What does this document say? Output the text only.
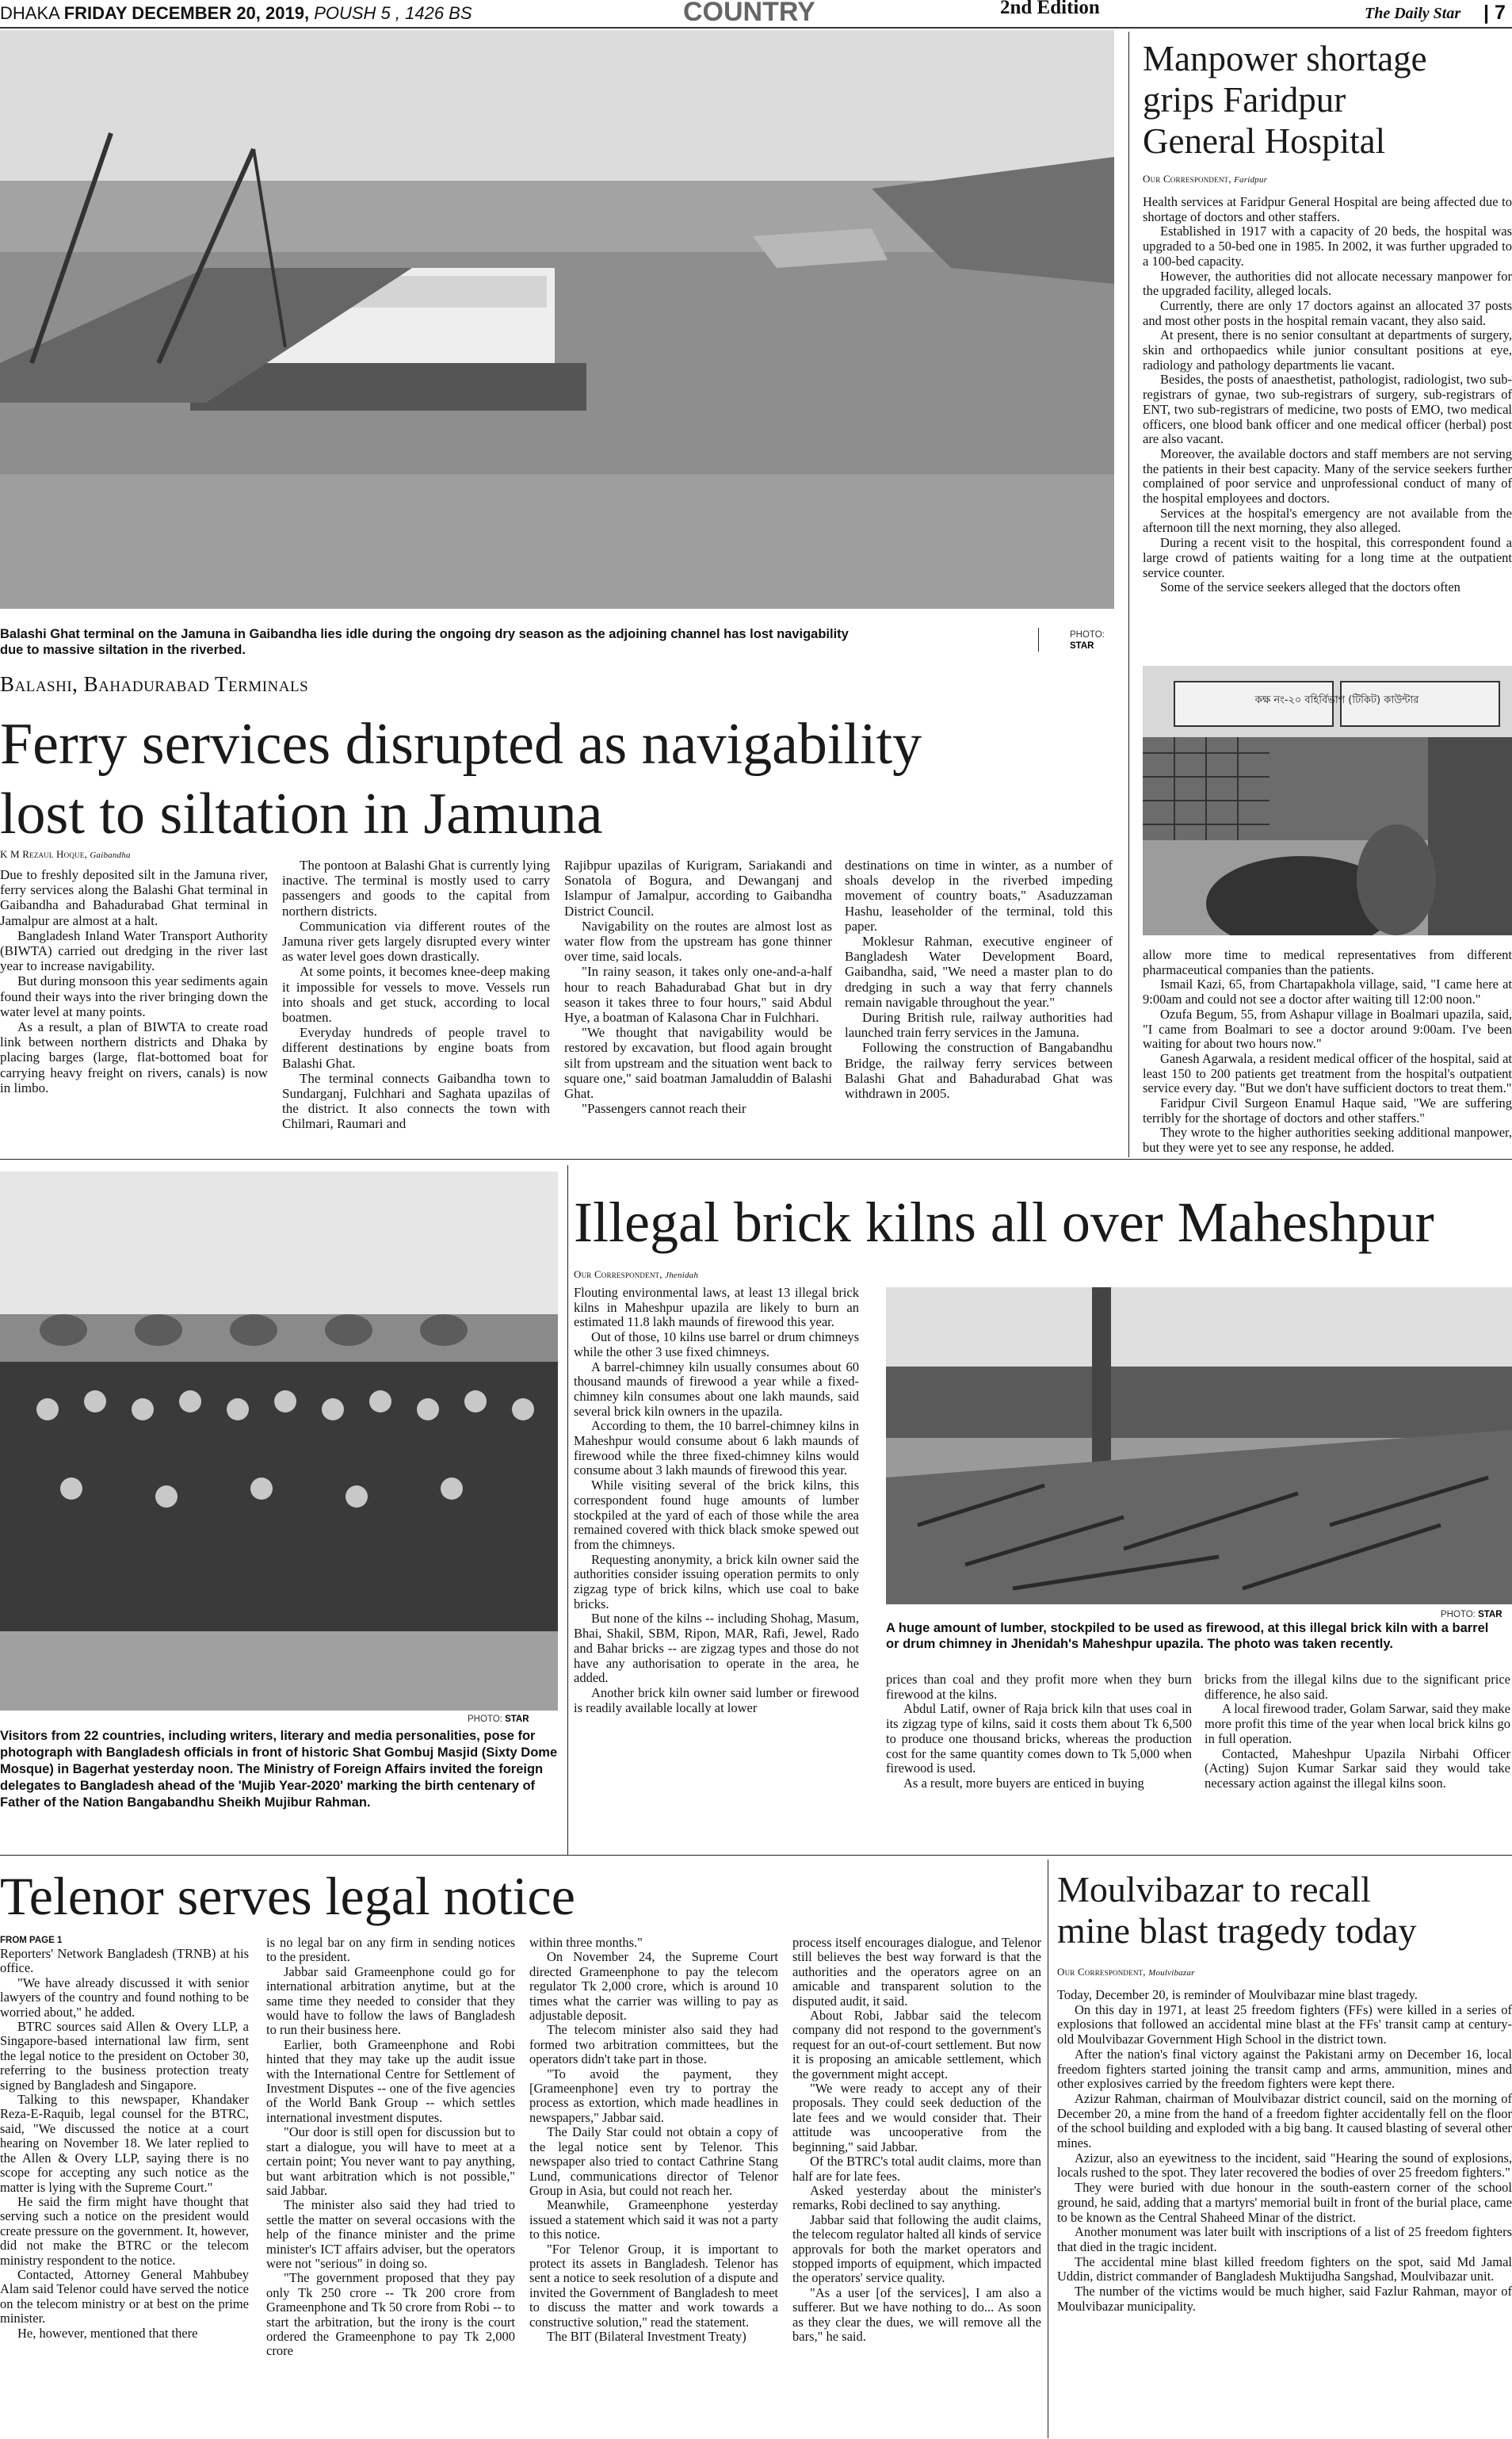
DHAKA FRIDAY DECEMBER 20, 2019, POUSH 5 , 1426 BS	COUNTRY	2nd Edition	The Daily Star | 7
Balashi Ghat terminal on the Jamuna in Gaibandha lies idle during the ongoing dry season as the adjoining channel has lost navigability due to massive siltation in the riverbed.
PHOTO:
STAR
Balashi, Bahadurabad Terminals
Ferry services disrupted as navigability
lost to siltation in Jamuna
K M Rezaul Hoque, Gaibandha

Due to freshly deposited silt in the Jamuna river, ferry services along the Balashi Ghat terminal in Gaibandha and Bahadurabad Ghat terminal in Jamalpur are almost at a halt.

Bangladesh Inland Water Transport Authority (BIWTA) carried out dredging in the river last year to increase navigability.

But during monsoon this year sediments again found their ways into the river bringing down the water level at many points.

As a result, a plan of BIWTA to create road link between northern districts and Dhaka by placing barges (large, flat-bottomed boat for carrying heavy freight on rivers, canals) is now in limbo.

The pontoon at Balashi Ghat is currently lying inactive. The terminal is mostly used to carry passengers and goods to the capital from northern districts.

Communication via different routes of the Jamuna river gets largely disrupted every winter as water level goes down drastically.

At some points, it becomes knee-deep making it impossible for vessels to move. Vessels run into shoals and get stuck, according to local boatmen.

Everyday hundreds of people travel to different destinations by engine boats from Balashi Ghat.

The terminal connects Gaibandha town to Sundarganj, Fulchhari and Saghata upazilas of the district. It also connects the town with Chilmari, Raumari and

Rajibpur upazilas of Kurigram, Sariakandi and Sonatola of Bogura, and Dewanganj and Islampur of Jamalpur, according to Gaibandha District Council.

Navigability on the routes are almost lost as water flow from the upstream has gone thinner over time, said locals.

"In rainy season, it takes only one-and-a-half hour to reach Bahadurabad Ghat but in dry season it takes three to four hours," said Abdul Hye, a boatman of Kalasona Char in Fulchhari.

"We thought that navigability would be restored by excavation, but flood again brought silt from upstream and the situation went back to square one," said boatman Jamaluddin of Balashi Ghat.

"Passengers cannot reach their

destinations on time in winter, as a number of shoals develop in the riverbed impeding movement of country boats," Asaduzzaman Hashu, leaseholder of the terminal, told this paper.

Moklesur Rahman, executive engineer of Bangladesh Water Development Board, Gaibandha, said, "We need a master plan to do dredging in such a way that ferry channels remain navigable throughout the year."

During British rule, railway authorities had launched train ferry services in the Jamuna.

Following the construction of Bangabandhu Bridge, the railway ferry services between Balashi Ghat and Bahadurabad Ghat was withdrawn in 2005.

Manpower shortage
grips Faridpur
General Hospital
Our Correspondent, Faridpur

Health services at Faridpur General Hospital are being affected due to shortage of doctors and other staffers.

Established in 1917 with a capacity of 20 beds, the hospital was upgraded to a 50-bed one in 1985. In 2002, it was further upgraded to a 100-bed capacity.

However, the authorities did not allocate necessary manpower for the upgraded facility, alleged locals.

Currently, there are only 17 doctors against an allocated 37 posts and most other posts in the hospital remain vacant, they also said.

At present, there is no senior consultant at departments of surgery, skin and orthopaedics while junior consultant positions at eye, radiology and pathology departments lie vacant.

Besides, the posts of anaesthetist, pathologist, radiologist, two sub-registrars of gynae, two sub-registrars of surgery, sub-registrars of ENT, two sub-registrars of medicine, two posts of EMO, two medical officers, one blood bank officer and one medical officer (herbal) post are also vacant.

Moreover, the available doctors and staff members are not serving the patients in their best capacity. Many of the service seekers further complained of poor service and unprofessional conduct of many of the hospital employees and doctors.

Services at the hospital's emergency are not available from the afternoon till the next morning, they also alleged.

During a recent visit to the hospital, this correspondent found a large crowd of patients waiting for a long time at the outpatient service counter.

Some of the service seekers alleged that the doctors often

কক্ষ নং-২০ বহির্বিভাগ (টিকিট) কাউন্টার

allow more time to medical representatives from different pharmaceutical companies than the patients.

Ismail Kazi, 65, from Chartapakhola village, said, "I came here at 9:00am and could not see a doctor after waiting till 12:00 noon."

Ozufa Begum, 55, from Ashapur village in Boalmari upazila, said, "I came from Boalmari to see a doctor around 9:00am. I've been waiting for about two hours now."

Ganesh Agarwala, a resident medical officer of the hospital, said at least 150 to 200 patients get treatment from the hospital's outpatient service every day. "But we don't have sufficient doctors to treat them."

Faridpur Civil Surgeon Enamul Haque said, "We are suffering terribly for the shortage of doctors and other staffers."

They wrote to the higher authorities seeking additional manpower, but they were yet to see any response, he added.

PHOTO: STAR
Visitors from 22 countries, including writers, literary and media personalities, pose for photograph with Bangladesh officials in front of historic Shat Gombuj Masjid (Sixty Dome Mosque) in Bagerhat yesterday noon. The Ministry of Foreign Affairs invited the foreign delegates to Bangladesh ahead of the 'Mujib Year-2020' marking the birth centenary of Father of the Nation Bangabandhu Sheikh Mujibur Rahman.
Illegal brick kilns all over Maheshpur
Our Correspondent, Jhenidah

Flouting environmental laws, at least 13 illegal brick kilns in Maheshpur upazila are likely to burn an estimated 11.8 lakh maunds of firewood this year.

Out of those, 10 kilns use barrel or drum chimneys while the other 3 use fixed chimneys.

A barrel-chimney kiln usually consumes about 60 thousand maunds of firewood a year while a fixed-chimney kiln consumes about one lakh maunds, said several brick kiln owners in the upazila.

According to them, the 10 barrel-chimney kilns in Maheshpur would consume about 6 lakh maunds of firewood while the three fixed-chimney kilns would consume about 3 lakh maunds of firewood this year.

While visiting several of the brick kilns, this correspondent found huge amounts of lumber stockpiled at the yard of each of those while the area remained covered with thick black smoke spewed out from the chimneys.

Requesting anonymity, a brick kiln owner said the authorities consider issuing operation permits to only zigzag type of brick kilns, which use coal to bake bricks.

But none of the kilns -- including Shohag, Masum, Bhai, Shakil, SBM, Ripon, MAR, Rafi, Jewel, Rado and Bahar bricks -- are zigzag types and those do not have any authorisation to operate in the area, he added.

Another brick kiln owner said lumber or firewood is readily available locally at lower

PHOTO: STAR
A huge amount of lumber, stockpiled to be used as firewood, at this illegal brick kiln with a barrel or drum chimney in Jhenidah's Maheshpur upazila. The photo was taken recently.

prices than coal and they profit more when they burn firewood at the kilns.

Abdul Latif, owner of Raja brick kiln that uses coal in its zigzag type of kilns, said it costs them about Tk 6,500 to produce one thousand bricks, whereas the production cost for the same quantity comes down to Tk 5,000 when firewood is used.

As a result, more buyers are enticed in buying

bricks from the illegal kilns due to the significant price difference, he also said.

A local firewood trader, Golam Sarwar, said they make more profit this time of the year when local brick kilns go in full operation.

Contacted, Maheshpur Upazila Nirbahi Officer (Acting) Sujon Kumar Sarkar said they would take necessary action against the illegal kilns soon.

Telenor serves legal notice
FROM PAGE 1

Reporters' Network Bangladesh (TRNB) at his office.

"We have already discussed it with senior lawyers of the country and found nothing to be worried about," he added.

BTRC sources said Allen & Overy LLP, a Singapore-based international law firm, sent the legal notice to the president on October 30, referring to the business protection treaty signed by Bangladesh and Singapore.

Talking to this newspaper, Khandaker Reza-E-Raquib, legal counsel for the BTRC, said, "We discussed the notice at a court hearing on November 18. We later replied to the Allen & Overy LLP, saying there is no scope for accepting any such notice as the matter is lying with the Supreme Court."

He said the firm might have thought that serving such a notice on the president would create pressure on the government. It, however, did not make the BTRC or the telecom ministry respondent to the notice.

Contacted, Attorney General Mahbubey Alam said Telenor could have served the notice on the telecom ministry or at best on the prime minister.

He, however, mentioned that there

is no legal bar on any firm in sending notices to the president.

Jabbar said Grameenphone could go for international arbitration anytime, but at the same time they needed to consider that they would have to follow the laws of Bangladesh to run their business here.

Earlier, both Grameenphone and Robi hinted that they may take up the audit issue with the International Centre for Settlement of Investment Disputes -- one of the five agencies of the World Bank Group -- which settles international investment disputes.

"Our door is still open for discussion but to start a dialogue, you will have to meet at a certain point; You never want to pay anything, but want arbitration which is not possible," said Jabbar.

The minister also said they had tried to settle the matter on several occasions with the help of the finance minister and the prime minister's ICT affairs adviser, but the operators were not "serious" in doing so.

"The government proposed that they pay only Tk 250 crore -- Tk 200 crore from Grameenphone and Tk 50 crore from Robi -- to start the arbitration, but the irony is the court ordered the Grameenphone to pay Tk 2,000 crore

within three months."

On November 24, the Supreme Court directed Grameenphone to pay the telecom regulator Tk 2,000 crore, which is around 10 times what the carrier was willing to pay as adjustable deposit.

The telecom minister also said they had formed two arbitration committees, but the operators didn't take part in those.

"To avoid the payment, they [Grameenphone] even try to portray the process as extortion, which made headlines in newspapers," Jabbar said.

The Daily Star could not obtain a copy of the legal notice sent by Telenor. This newspaper also tried to contact Cathrine Stang Lund, communications director of Telenor Group in Asia, but could not reach her.

Meanwhile, Grameenphone yesterday issued a statement which said it was not a party to this notice.

"For Telenor Group, it is important to protect its assets in Bangladesh. Telenor has sent a notice to seek resolution of a dispute and invited the Government of Bangladesh to meet to discuss the matter and work towards a constructive solution," read the statement.

The BIT (Bilateral Investment Treaty)

process itself encourages dialogue, and Telenor still believes the best way forward is that the authorities and the operators agree on an amicable and transparent solution to the disputed audit, it said.

About Robi, Jabbar said the telecom company did not respond to the government's request for an out-of-court settlement. But now it is proposing an amicable settlement, which the government might accept.

"We were ready to accept any of their proposals. They could seek deduction of the late fees and we would consider that. Their attitude was uncooperative from the beginning," said Jabbar.

Of the BTRC's total audit claims, more than half are for late fees.

Asked yesterday about the minister's remarks, Robi declined to say anything.

Jabbar said that following the audit claims, the telecom regulator halted all kinds of service approvals for both the market operators and stopped imports of equipment, which impacted the operators' service quality.

"As a user [of the services], I am also a sufferer. But we have nothing to do... As soon as they clear the dues, we will remove all the bars," he said.

Moulvibazar to recall
mine blast tragedy today
Our Correspondent, Moulvibazar

Today, December 20, is reminder of Moulvibazar mine blast tragedy.

On this day in 1971, at least 25 freedom fighters (FFs) were killed in a series of explosions that followed an accidental mine blast at the FFs' transit camp at century-old Moulvibazar Government High School in the district town.

After the nation's final victory against the Pakistani army on December 16, local freedom fighters started joining the transit camp and arms, ammunition, mines and other explosives carried by the freedom fighters were kept there.

Azizur Rahman, chairman of Moulvibazar district council, said on the morning of December 20, a mine from the hand of a freedom fighter accidentally fell on the floor of the school building and exploded with a big bang. It caused blasting of several other mines.

Azizur, also an eyewitness to the incident, said "Hearing the sound of explosions, locals rushed to the spot. They later recovered the bodies of over 25 freedom fighters."

They were buried with due honour in the south-eastern corner of the school ground, he said, adding that a martyrs' memorial built in front of the burial place, came to be known as the Central Shaheed Minar of the district.

Another monument was later built with inscriptions of a list of 25 freedom fighters that died in the tragic incident.

The accidental mine blast killed freedom fighters on the spot, said Md Jamal Uddin, district commander of Bangladesh Muktijudha Sangshad, Moulvibazar unit.

The number of the victims would be much higher, said Fazlur Rahman, mayor of Moulvibazar municipality.
